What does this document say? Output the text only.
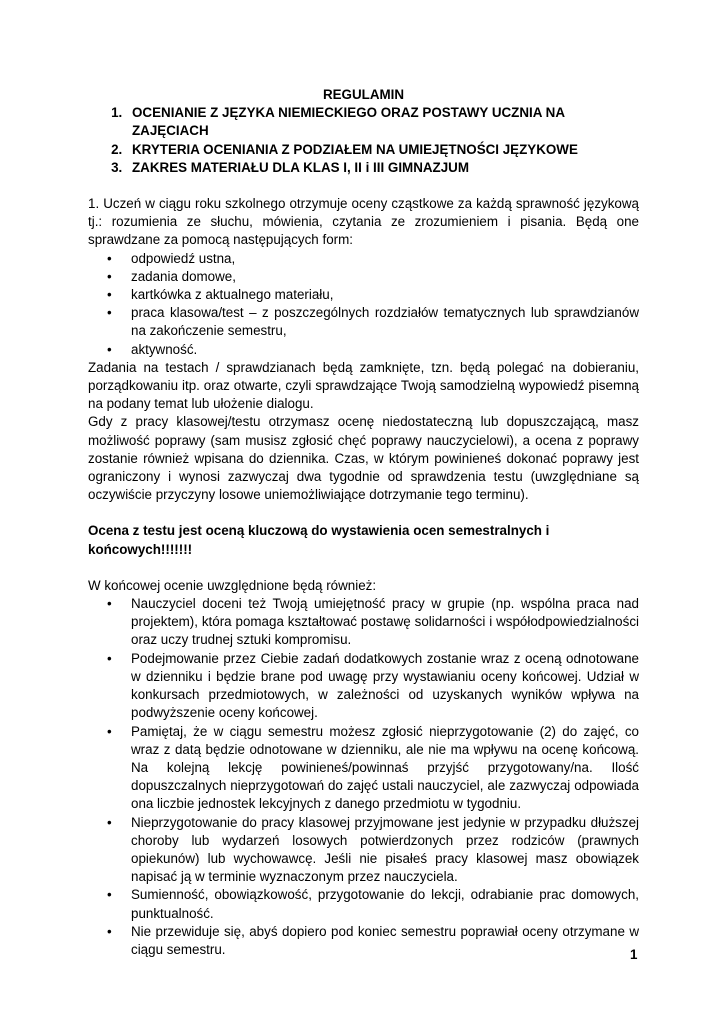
REGULAMIN
1. OCENIANIE Z JĘZYKA NIEMIECKIEGO ORAZ POSTAWY UCZNIA NA ZAJĘCIACH
2. KRYTERIA OCENIANIA Z PODZIAŁEM NA UMIEJĘTNOŚCI JĘZYKOWE
3. ZAKRES MATERIAŁU DLA KLAS I, II i III GIMNAZJUM

1. Uczeń w ciągu roku szkolnego otrzymuje oceny cząstkowe za każdą sprawność językową tj.: rozumienia ze słuchu, mówienia, czytania ze zrozumieniem i pisania. Będą one sprawdzane za pomocą następujących form:

• odpowiedź ustna,
• zadania domowe,
• kartkówka z aktualnego materiału,
• praca klasowa/test – z poszczególnych rozdziałów tematycznych lub sprawdzianów na zakończenie semestru,
• aktywność.

Zadania na testach / sprawdzianach będą zamknięte, tzn. będą polegać na dobieraniu, porządkowaniu itp. oraz otwarte, czyli sprawdzające Twoją samodzielną wypowiedź pisemną na podany temat lub ułożenie dialogu.

Gdy z pracy klasowej/testu otrzymasz ocenę niedostateczną lub dopuszczającą, masz możliwość poprawy (sam musisz zgłosić chęć poprawy nauczycielowi), a ocena z poprawy zostanie również wpisana do dziennika. Czas, w którym powinieneś dokonać poprawy jest ograniczony i wynosi zazwyczaj dwa tygodnie od sprawdzenia testu (uwzględniane są oczywiście przyczyny losowe uniemożliwiające dotrzymanie tego terminu).

Ocena z testu jest oceną kluczową do wystawienia ocen semestralnych i końcowych!!!!!!!

W końcowej ocenie uwzględnione będą również:

• Nauczyciel doceni też Twoją umiejętność pracy w grupie (np. wspólna praca nad projektem), która pomaga kształtować postawę solidarności i współodpowiedzialności oraz uczy trudnej sztuki kompromisu.
• Podejmowanie przez Ciebie zadań dodatkowych zostanie wraz z oceną odnotowane w dzienniku i będzie brane pod uwagę przy wystawianiu oceny końcowej. Udział w konkursach przedmiotowych, w zależności od uzyskanych wyników wpływa na podwyższenie oceny końcowej.
• Pamiętaj, że w ciągu semestru możesz zgłosić nieprzygotowanie (2) do zajęć, co wraz z datą będzie odnotowane w dzienniku, ale nie ma wpływu na ocenę końcową. Na kolejną lekcję powinieneś/powinnaś przyjść przygotowany/na. Ilość dopuszczalnych nieprzygotowań do zajęć ustali nauczyciel, ale zazwyczaj odpowiada ona liczbie jednostek lekcyjnych z danego przedmiotu w tygodniu.
• Nieprzygotowanie do pracy klasowej przyjmowane jest jedynie w przypadku dłuższej choroby lub wydarzeń losowych potwierdzonych przez rodziców (prawnych opiekunów) lub wychowawcę. Jeśli nie pisałeś pracy klasowej masz obowiązek napisać ją w terminie wyznaczonym przez nauczyciela.
• Sumienność, obowiązkowość, przygotowanie do lekcji, odrabianie prac domowych, punktualność.
• Nie przewiduje się, abyś dopiero pod koniec semestru poprawiał oceny otrzymane w ciągu semestru.	1
